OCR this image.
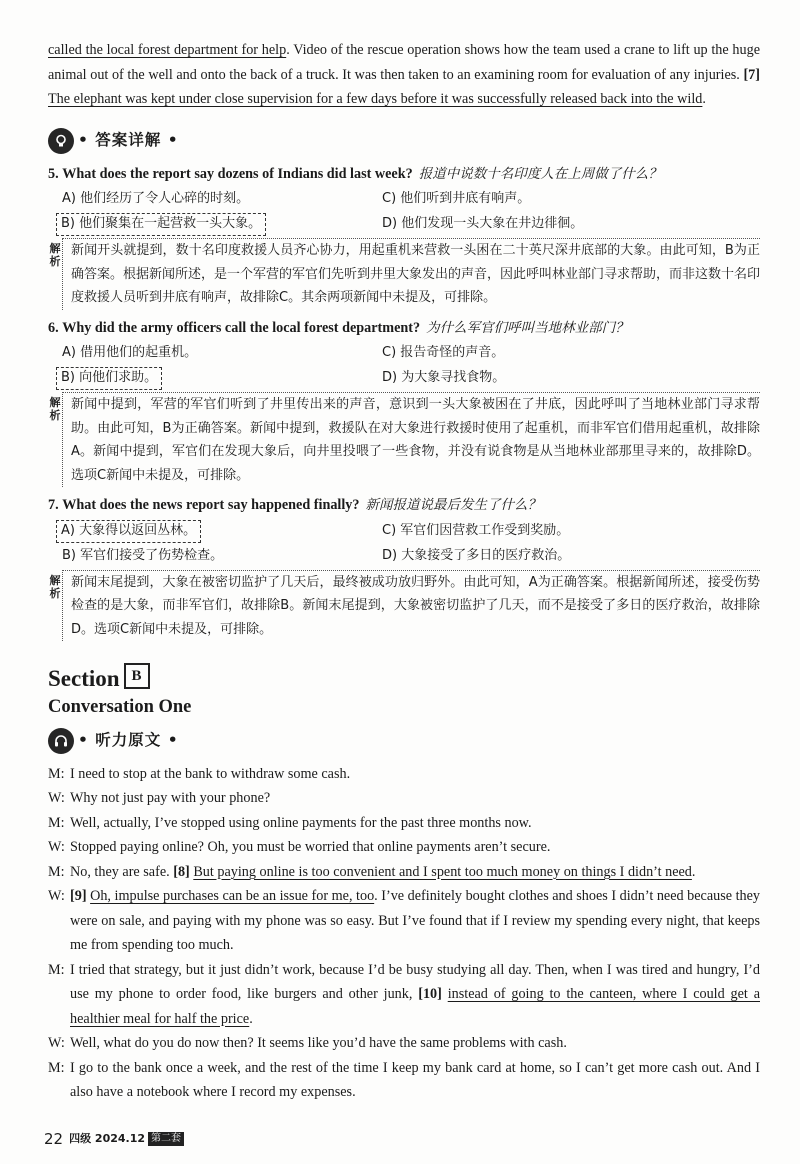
called the local forest department for help. Video of the rescue operation shows how the team used a crane to lift up the huge animal out of the well and onto the back of a truck. It was then taken to an examining room for evaluation of any injuries. [7] The elephant was kept under close supervision for a few days before it was successfully released back into the wild.
• 答案详解 •
5. What does the report say dozens of Indians did last week? 报道中说数十名印度人在上周做了什么？
A) 他们经历了令人心碎的时刻。	C) 他们听到井底有响声。
B) 他们聚集在一起营救一头大象。	D) 他们发现一头大象在井边徘徊。
解析
新闻开头就提到，数十名印度救援人员齐心协力，用起重机来营救一头困在二十英尺深井底部的大象。由此可知，B为正确答案。根据新闻所述，是一个军营的军官们先听到井里大象发出的声音，因此呼叫林业部门寻求帮助，而非这数十名印度救援人员听到井底有响声，故排除C。其余两项新闻中未提及，可排除。
6. Why did the army officers call the local forest department? 为什么军官们呼叫当地林业部门？
A) 借用他们的起重机。	C) 报告奇怪的声音。
B) 向他们求助。	D) 为大象寻找食物。
解析
新闻中提到，军营的军官们听到了井里传出来的声音，意识到一头大象被困在了井底，因此呼叫了当地林业部门寻求帮助。由此可知，B为正确答案。新闻中提到，救援队在对大象进行救援时使用了起重机，而非军官们借用起重机，故排除A。新闻中提到，军官们在发现大象后，向井里投喂了一些食物，并没有说食物是从当地林业部那里寻来的，故排除D。选项C新闻中未提及，可排除。
7. What does the news report say happened finally? 新闻报道说最后发生了什么？
A) 大象得以返回丛林。	C) 军官们因营救工作受到奖励。
B) 军官们接受了伤势检查。	D) 大象接受了多日的医疗救治。
解析
新闻末尾提到，大象在被密切监护了几天后，最终被成功放归野外。由此可知，A为正确答案。根据新闻所述，接受伤势检查的是大象，而非军官们，故排除B。新闻末尾提到，大象被密切监护了几天，而不是接受了多日的医疗救治，故排除D。选项C新闻中未提及，可排除。
Section B
Conversation One
• 听力原文 •
M: I need to stop at the bank to withdraw some cash.
W: Why not just pay with your phone?
M: Well, actually, I’ve stopped using online payments for the past three months now.
W: Stopped paying online? Oh, you must be worried that online payments aren’t secure.
M: No, they are safe. [8] But paying online is too convenient and I spent too much money on things I didn’t need.
W: [9] Oh, impulse purchases can be an issue for me, too. I’ve definitely bought clothes and shoes I didn’t need because they were on sale, and paying with my phone was so easy. But I’ve found that if I review my spending every night, that keeps me from spending too much.
M: I tried that strategy, but it just didn’t work, because I’d be busy studying all day. Then, when I was tired and hungry, I’d use my phone to order food, like burgers and other junk, [10] instead of going to the canteen, where I could get a healthier meal for half the price.
W: Well, what do you do now then? It seems like you’d have the same problems with cash.
M: I go to the bank once a week, and the rest of the time I keep my bank card at home, so I can’t get more cash out. And I also have a notebook where I record my expenses.
22 四级 2024.12 第二套
